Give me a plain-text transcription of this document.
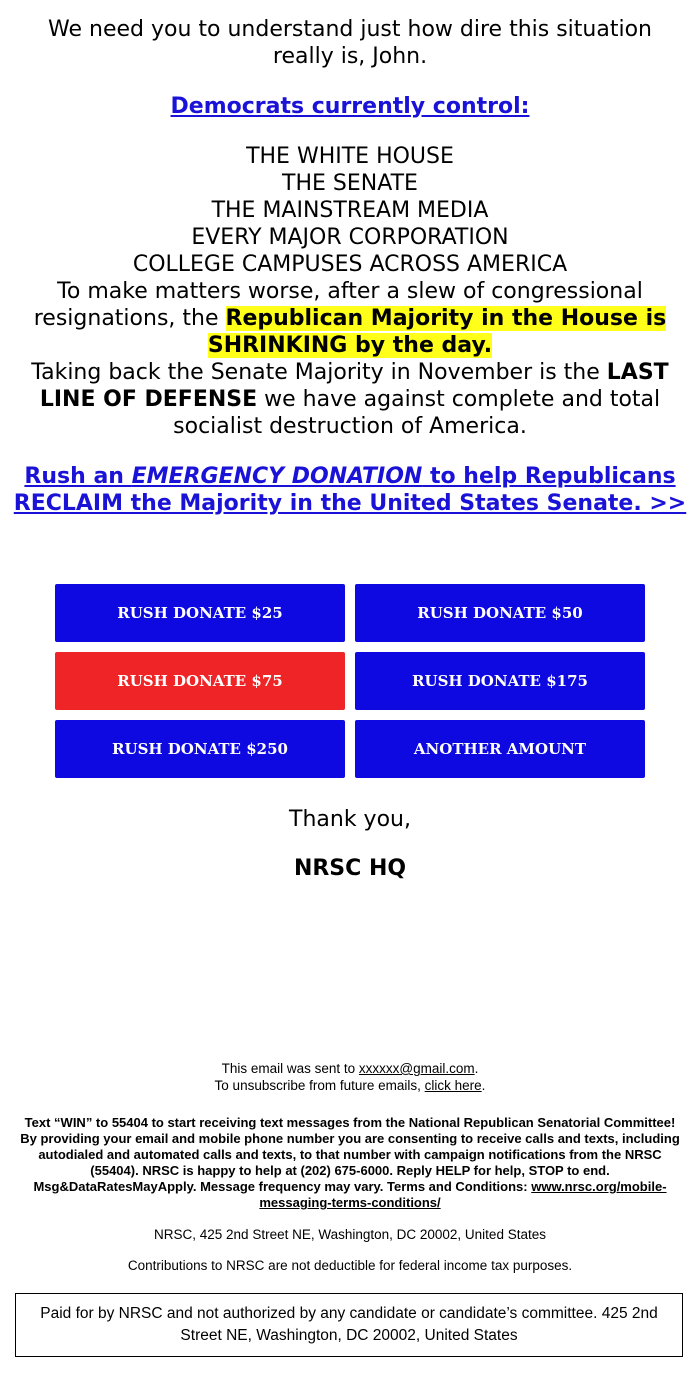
We need you to understand just how dire this situation really is, John.

Democrats currently control:
THE WHITE HOUSE
THE SENATE
THE MAINSTREAM MEDIA
EVERY MAJOR CORPORATION
COLLEGE CAMPUSES ACROSS AMERICA

To make matters worse, after a slew of congressional resignations, the Republican Majority in the House is SHRINKING by the day.

Taking back the Senate Majority in November is the LAST LINE OF DEFENSE we have against complete and total socialist destruction of America.

Rush an EMERGENCY DONATION to help Republicans RECLAIM the Majority in the United States Senate. >>
RUSH DONATE $25	RUSH DONATE $50
RUSH DONATE $75	RUSH DONATE $175
RUSH DONATE $250	ANOTHER AMOUNT
Thank you,
NRSC HQ
This email was sent to xxxxxx@gmail.com.
To unsubscribe from future emails, click here.
Text “WIN” to 55404 to start receiving text messages from the National Republican Senatorial Committee! By providing your email and mobile phone number you are consenting to receive calls and texts, including autodialed and automated calls and texts, to that number with campaign notifications from the NRSC (55404). NRSC is happy to help at (202) 675-6000. Reply HELP for help, STOP to end. Msg&DataRatesMayApply. Message frequency may vary. Terms and Conditions: www.nrsc.org/mobile-messaging-terms-conditions/
NRSC, 425 2nd Street NE, Washington, DC 20002, United States
Contributions to NRSC are not deductible for federal income tax purposes.
Paid for by NRSC and not authorized by any candidate or candidate’s committee. 425 2nd Street NE, Washington, DC 20002, United States
